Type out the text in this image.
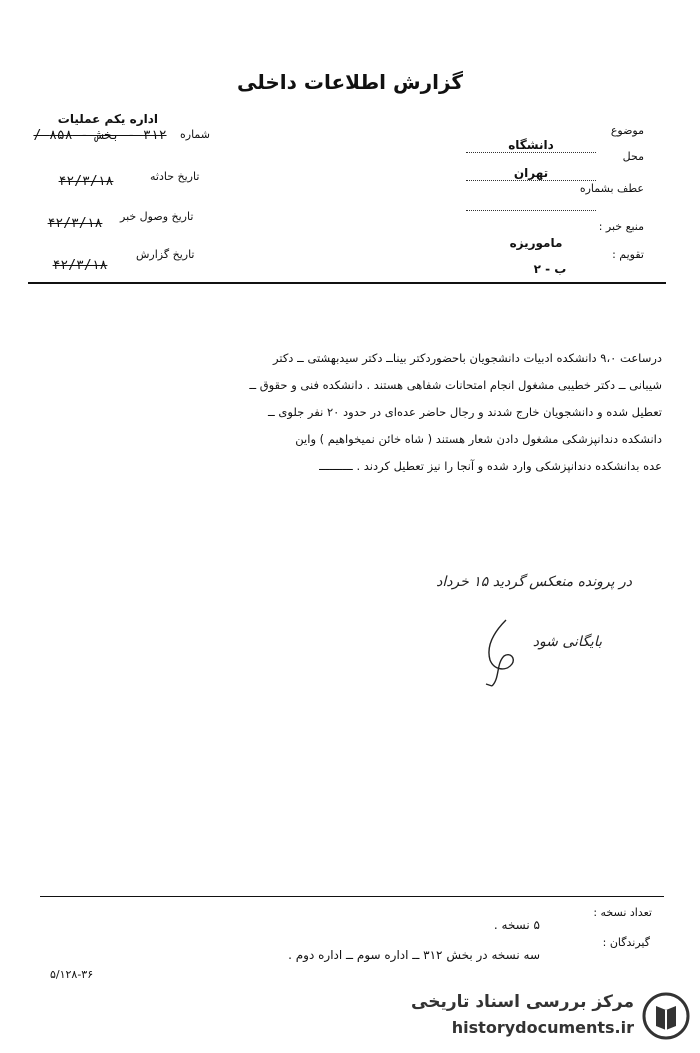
گزارش اطلاعات داخلی
اداره یکم عملیات
شماره
۳۱۲ - بخش - ۸۵۸ /
تاریخ حادثه
۴۲/۳/۱۸
تاریخ وصول خبر
۴۲/۳/۱۸
تاریخ گزارش
۴۲/۳/۱۸
موضوع
دانشگاه
محل
تهران
عطف بشماره
منبع خبر :
ماموریزه
تقویم :
ب - ۲

درساعت ۹،۰ دانشکده ادبیات دانشجویان باحضوردکتر بیناــ دکتر سیدبهشتی ــ دکتر

شیبانی ــ دکتر خطیبی مشغول انجام امتحانات شفاهی هستند . دانشکده فنی و حقوق ــ

تعطیل شده و دانشجویان خارج شدند و رجال حاضر عده‌ای در حدود ۲۰ نفر جلوی ــ

دانشکده دندانپزشکی مشغول دادن شعار هستند ( شاه خائن نمیخواهیم ) واین

عده بدانشکده دندانپزشکی وارد شده و آنجا را نیز تعطیل کردند . ــــــــــ

در پرونده منعکس گردید ۱۵ خرداد
بایگانی شود
تعداد نسخه :
۵ نسخه .
گیرندگان :
سه نسخه در بخش ۳۱۲ ــ اداره سوم ــ اداره دوم .
۵/۱۲۸-۳۶
مرکز بررسی اسناد تاریخی
historydocuments.ir
